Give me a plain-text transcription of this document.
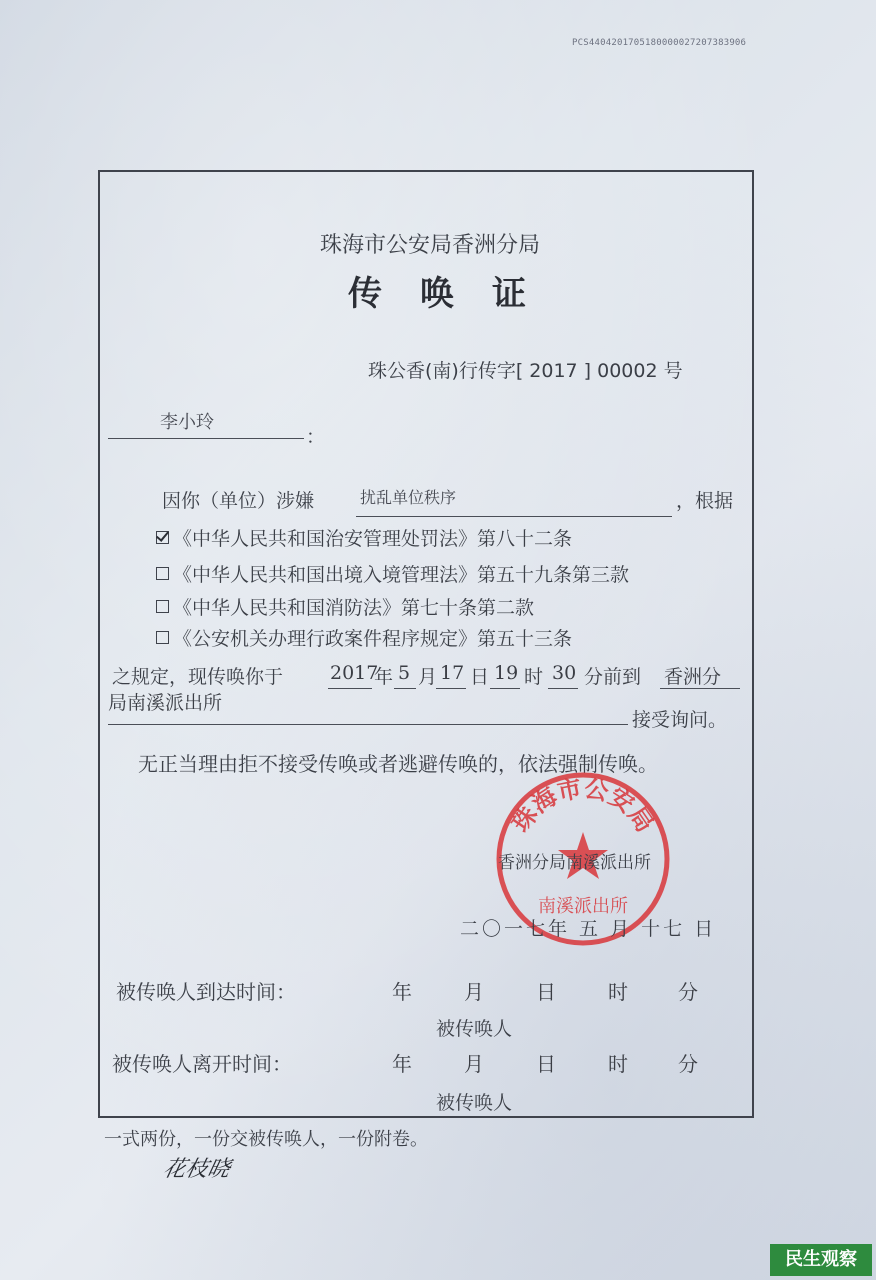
PCS4404201705180000027207383906
珠海市公安局香洲分局
传唤证
珠公香(南)行传字[ 2017 ] 00002 号
李小玲
：
因你（单位）涉嫌	扰乱单位秩序	，根据
《中华人民共和国治安管理处罚法》第八十二条
《中华人民共和国出境入境管理法》第五十九条第三款
《中华人民共和国消防法》第七十条第二款
《公安机关办理行政案件程序规定》第五十三条
之规定，现传唤你于 2017
年 5 月 17 日 19 时 30 分前到 香洲分
局南溪派出所
接受询问。
无正当理由拒不接受传唤或者逃避传唤的，依法强制传唤。
珠海市公安局
南溪派出所
香洲分局南溪派出所
二〇一七年 五 月 十七 日
被传唤人到达时间：	年	月	日	时	分
被传唤人
被传唤人离开时间：	年	月	日	时	分
被传唤人
一式两份，一份交被传唤人，一份附卷。
花枝晓
民生观察
